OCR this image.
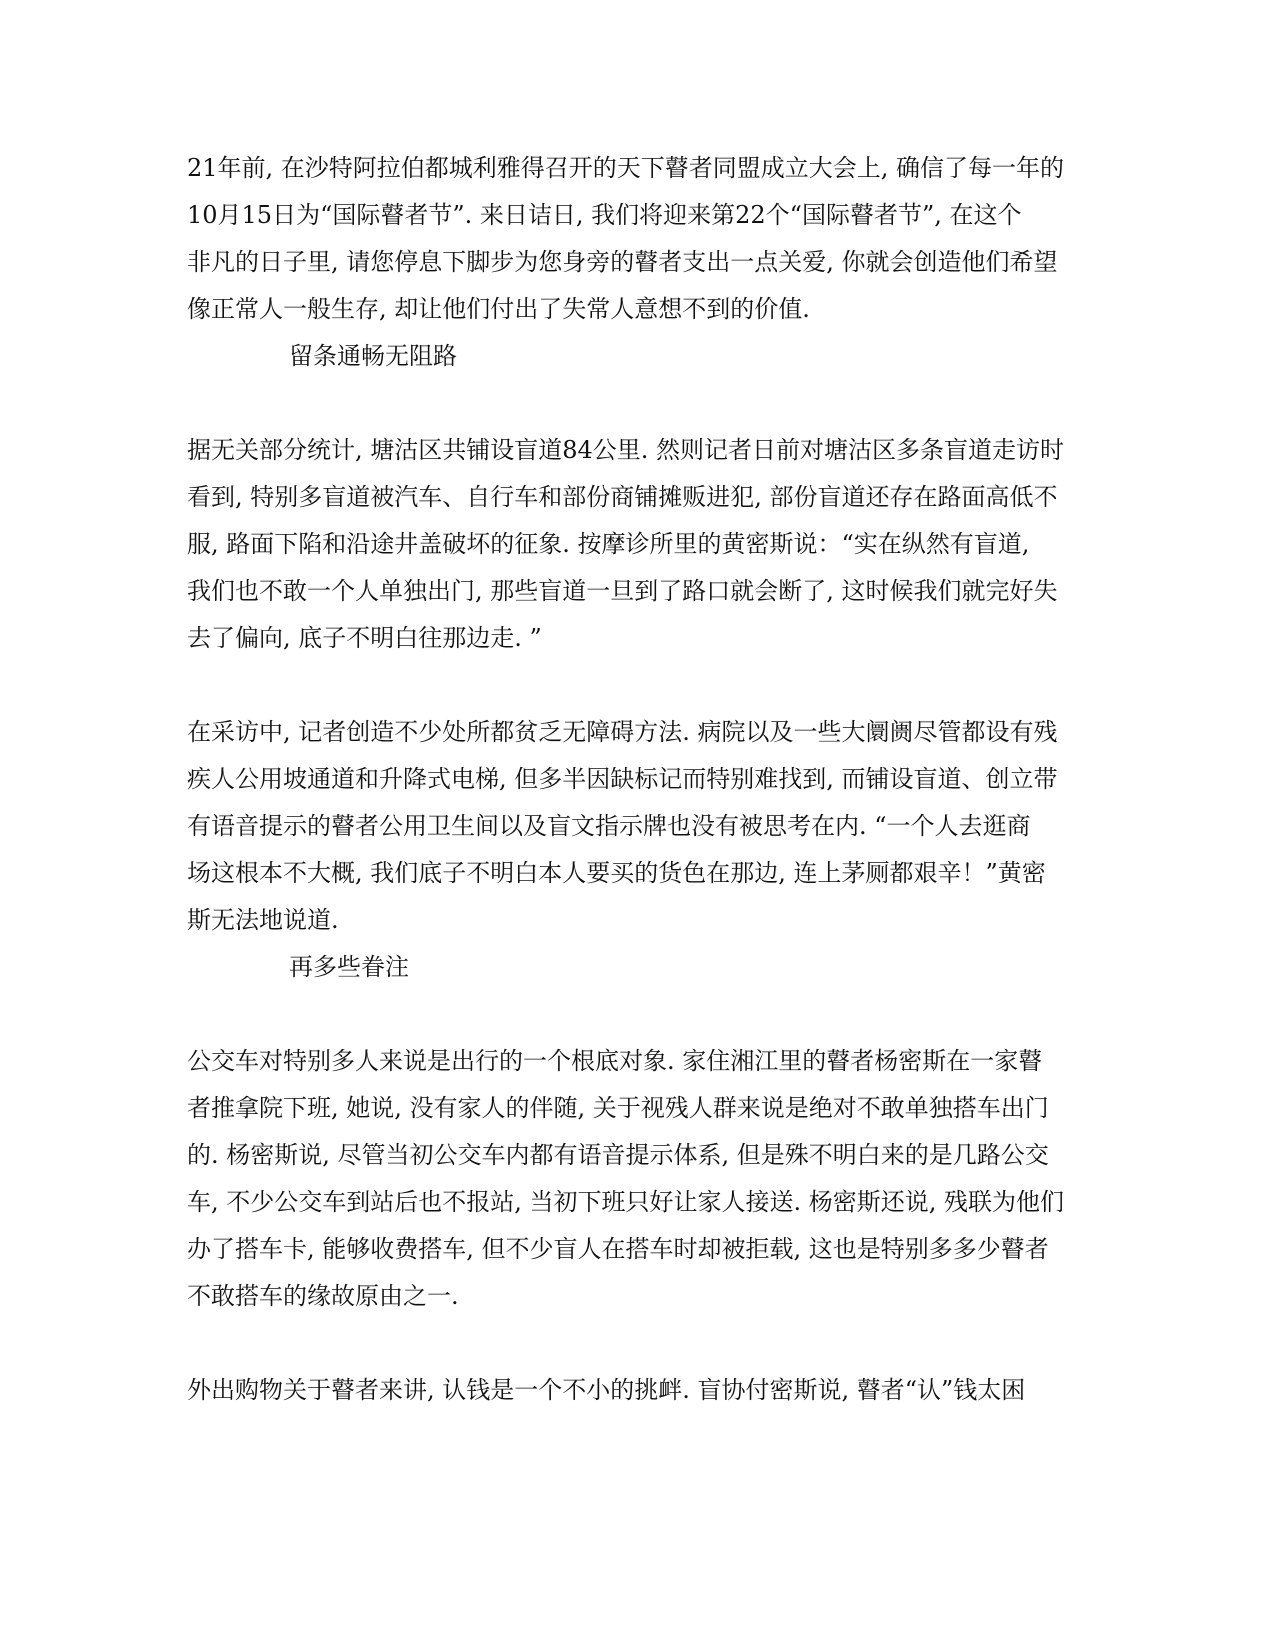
21年前, 在沙特阿拉伯都城利雅得召开的天下瞽者同盟成立大会上, 确信了每一年的
10月15日为“国际瞽者节”. 来日诘日, 我们将迎来第22个“国际瞽者节”, 在这个
非凡的日子里, 请您停息下脚步为您身旁的瞽者支出一点关爱, 你就会创造他们希望
像正常人一般生存, 却让他们付出了失常人意想不到的价值.
留条通畅无阻路
据无关部分统计, 塘沽区共铺设盲道84公里. 然则记者日前对塘沽区多条盲道走访时
看到, 特别多盲道被汽车、自行车和部份商铺摊贩进犯, 部份盲道还存在路面高低不
服, 路面下陷和沿途井盖破坏的征象. 按摩诊所里的黄密斯说：“实在纵然有盲道,
我们也不敢一个人单独出门, 那些盲道一旦到了路口就会断了, 这时候我们就完好失
去了偏向, 底子不明白往那边走. ”
在采访中, 记者创造不少处所都贫乏无障碍方法. 病院以及一些大阛阓尽管都设有残
疾人公用坡通道和升降式电梯, 但多半因缺标记而特别难找到, 而铺设盲道、创立带
有语音提示的瞽者公用卫生间以及盲文指示牌也没有被思考在内. “一个人去逛商
场这根本不大概, 我们底子不明白本人要买的货色在那边, 连上茅厕都艰辛！”黄密
斯无法地说道.
再多些眷注
公交车对特别多人来说是出行的一个根底对象. 家住湘江里的瞽者杨密斯在一家瞽
者推拿院下班, 她说, 没有家人的伴随, 关于视残人群来说是绝对不敢单独搭车出门
的. 杨密斯说, 尽管当初公交车内都有语音提示体系, 但是殊不明白来的是几路公交
车, 不少公交车到站后也不报站, 当初下班只好让家人接送. 杨密斯还说, 残联为他们
办了搭车卡, 能够收费搭车, 但不少盲人在搭车时却被拒载, 这也是特别多多少瞽者
不敢搭车的缘故原由之一.
外出购物关于瞽者来讲, 认钱是一个不小的挑衅. 盲协付密斯说, 瞽者“认”钱太困
